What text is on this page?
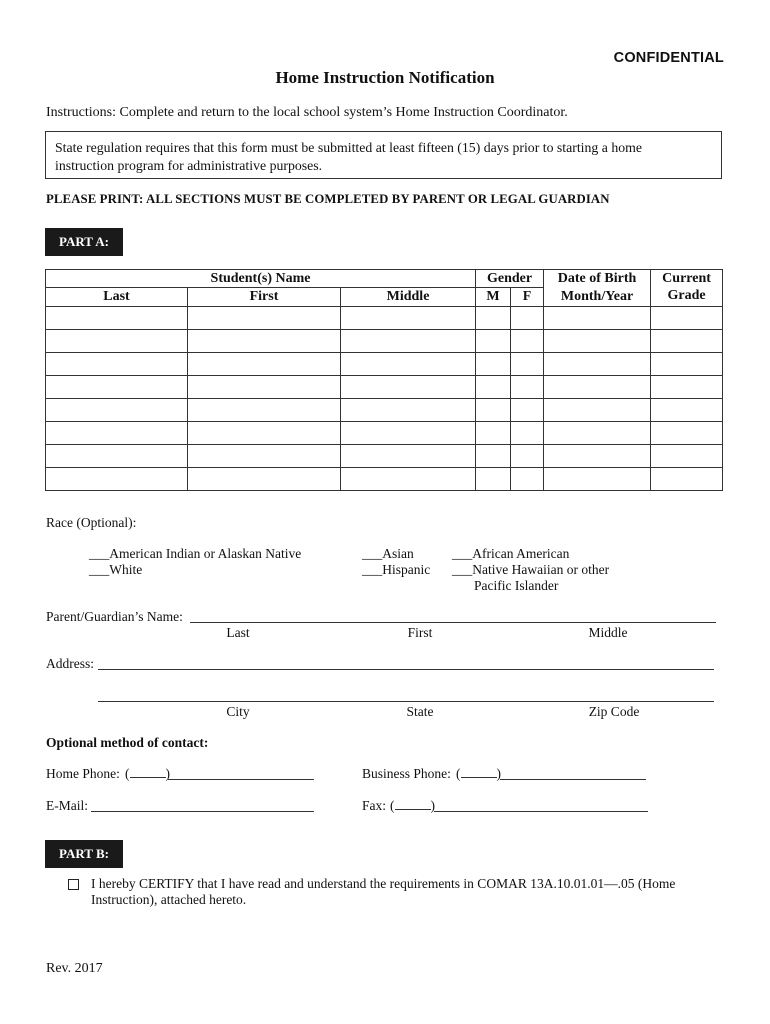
CONFIDENTIAL
Home Instruction Notification
Instructions: Complete and return to the local school system’s Home Instruction Coordinator.
State regulation requires that this form must be submitted at least fifteen (15) days prior to starting a home
instruction program for administrative purposes.
PLEASE PRINT: ALL SECTIONS MUST BE COMPLETED BY PARENT OR LEGAL GUARDIAN
PART A:
Student(s) Name			Gender		Date of Birth	Current
Last	First	Middle	M	F	Month/Year	Grade

Race (Optional):
___American Indian or Alaskan Native
___White
___Asian
___Hispanic
___African American
___Native Hawaiian or other
Pacific Islander
Parent/Guardian’s Name:
Last	First	Middle
Address:
City	State	Zip Code
Optional method of contact:
Home Phone: (	)	Business Phone: (	)
E-Mail:	Fax: (	)
PART B:
I hereby CERTIFY that I have read and understand the requirements in COMAR 13A.10.01.01—.05 (Home
Instruction), attached hereto.
Rev. 2017
